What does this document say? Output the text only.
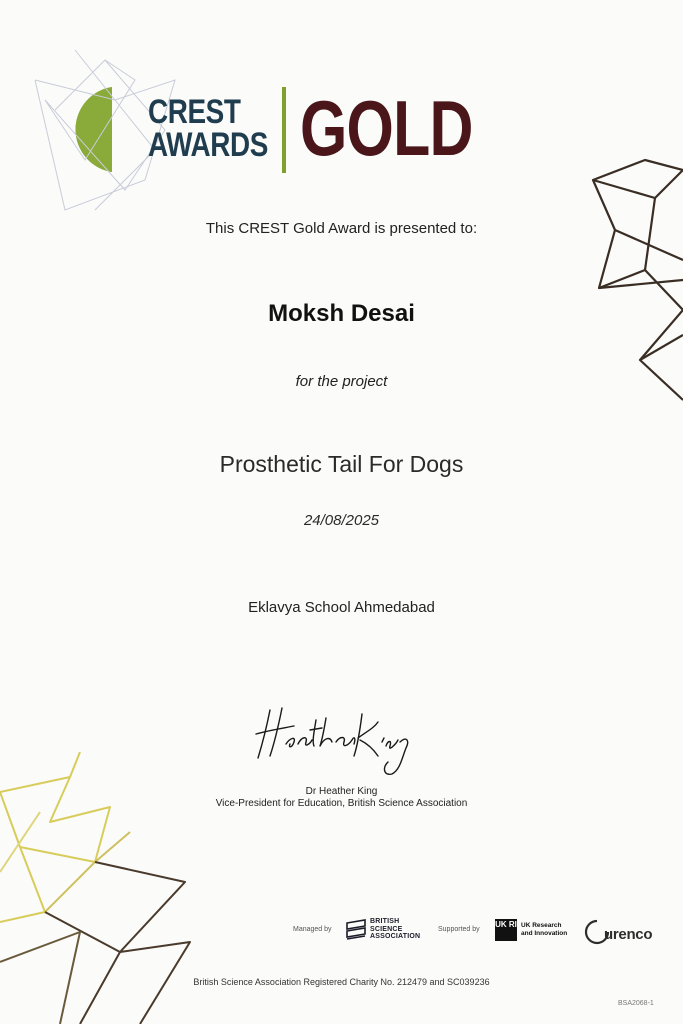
CREST
AWARDS GOLD
This CREST Gold Award is presented to:
Moksh Desai
for the project
Prosthetic Tail For Dogs
24/08/2025
Eklavya School Ahmedabad
Dr Heather King
Vice-President for Education, British Science Association
Managed by
BRITISH
SCIENCE
ASSOCIATION
Supported by
UK RI UK Research
and Innovation urenco
British Science Association Registered Charity No. 212479 and SC039236
BSA2068-1
